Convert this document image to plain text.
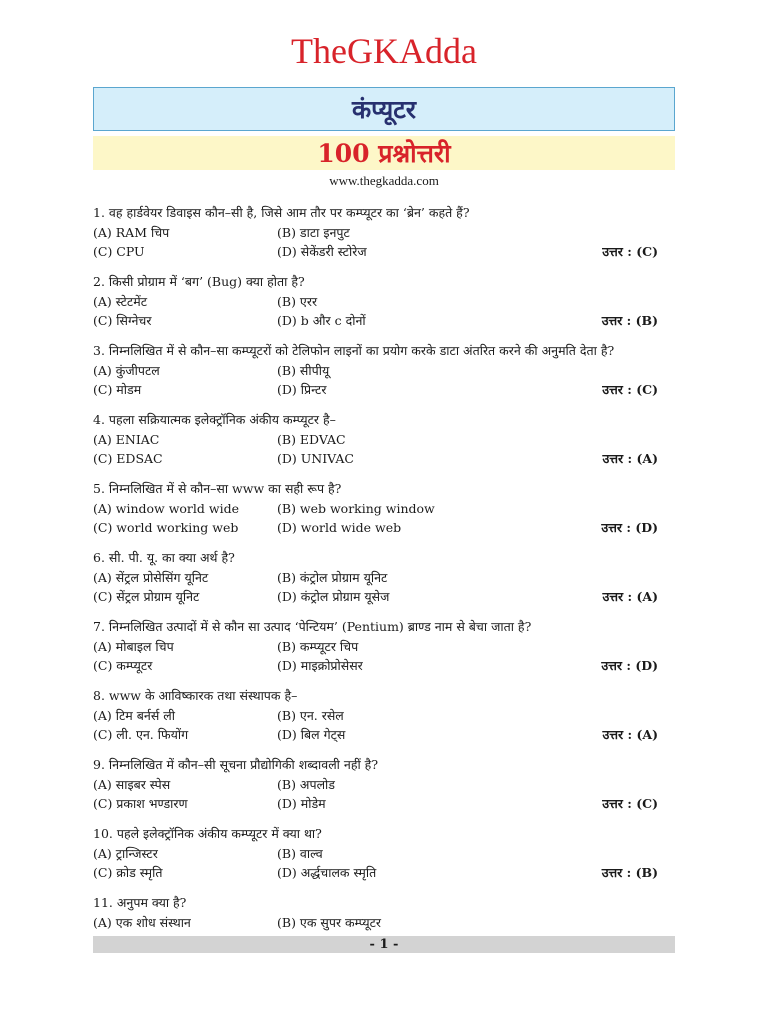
TheGKAdda
कंप्यूटर
100 प्रश्नोत्तरी
www.thegkadda.com
1. वह हार्डवेयर डिवाइस कौन–सी है, जिसे आम तौर पर कम्प्यूटर का ‘ब्रेन’ कहते हैं?
(A) RAM चिप	(B) डाटा इनपुट
(C) CPU	(D) सेकेंडरी स्टोरेज	उत्तर : (C)
2. किसी प्रोग्राम में ‘बग’ (Bug) क्या होता है?
(A) स्टेटमेंट	(B) एरर
(C) सिग्नेचर	(D) b और c दोनों	उत्तर : (B)
3. निम्नलिखित में से कौन–सा कम्प्यूटरों को टेलिफोन लाइनों का प्रयोग करके डाटा अंतरित करने की अनुमति देता है?
(A) कुंजीपटल	(B) सीपीयू
(C) मोडम	(D) प्रिन्टर	उत्तर : (C)
4. पहला सक्रियात्मक इलेक्ट्रॉनिक अंकीय कम्प्यूटर है–
(A) ENIAC	(B) EDVAC
(C) EDSAC	(D) UNIVAC	उत्तर : (A)
5. निम्नलिखित में से कौन–सा www का सही रूप है?
(A) window world wide	(B) web working window
(C) world working web	(D) world wide web	उत्तर : (D)
6. सी. पी. यू. का क्या अर्थ है?
(A) सेंट्रल प्रोसेसिंग यूनिट	(B) कंट्रोल प्रोग्राम यूनिट
(C) सेंट्रल प्रोग्राम यूनिट	(D) कंट्रोल प्रोग्राम यूसेज	उत्तर : (A)
7. निम्नलिखित उत्पादों में से कौन सा उत्पाद ‘पेन्टियम’ (Pentium) ब्राण्ड नाम से बेचा जाता है?
(A) मोबाइल चिप	(B) कम्प्यूटर चिप
(C) कम्प्यूटर	(D) माइक्रोप्रोसेसर	उत्तर : (D)
8. www के आविष्कारक तथा संस्थापक है–
(A) टिम बर्नर्स ली	(B) एन. रसेल
(C) ली. एन. फियोंग	(D) बिल गेट्स	उत्तर : (A)
9. निम्नलिखित में कौन–सी सूचना प्रौद्योगिकी शब्दावली नहीं है?
(A) साइबर स्पेस	(B) अपलोड
(C) प्रकाश भण्डारण	(D) मोडेम	उत्तर : (C)
10. पहले इलेक्ट्रॉनिक अंकीय कम्प्यूटर में क्या था?
(A) ट्रान्जिस्टर	(B) वाल्व
(C) क्रोड स्मृति	(D) अर्द्धचालक स्मृति	उत्तर : (B)
11. अनुपम क्या है?
(A) एक शोध संस्थान	(B) एक सुपर कम्प्यूटर
- 1 -
